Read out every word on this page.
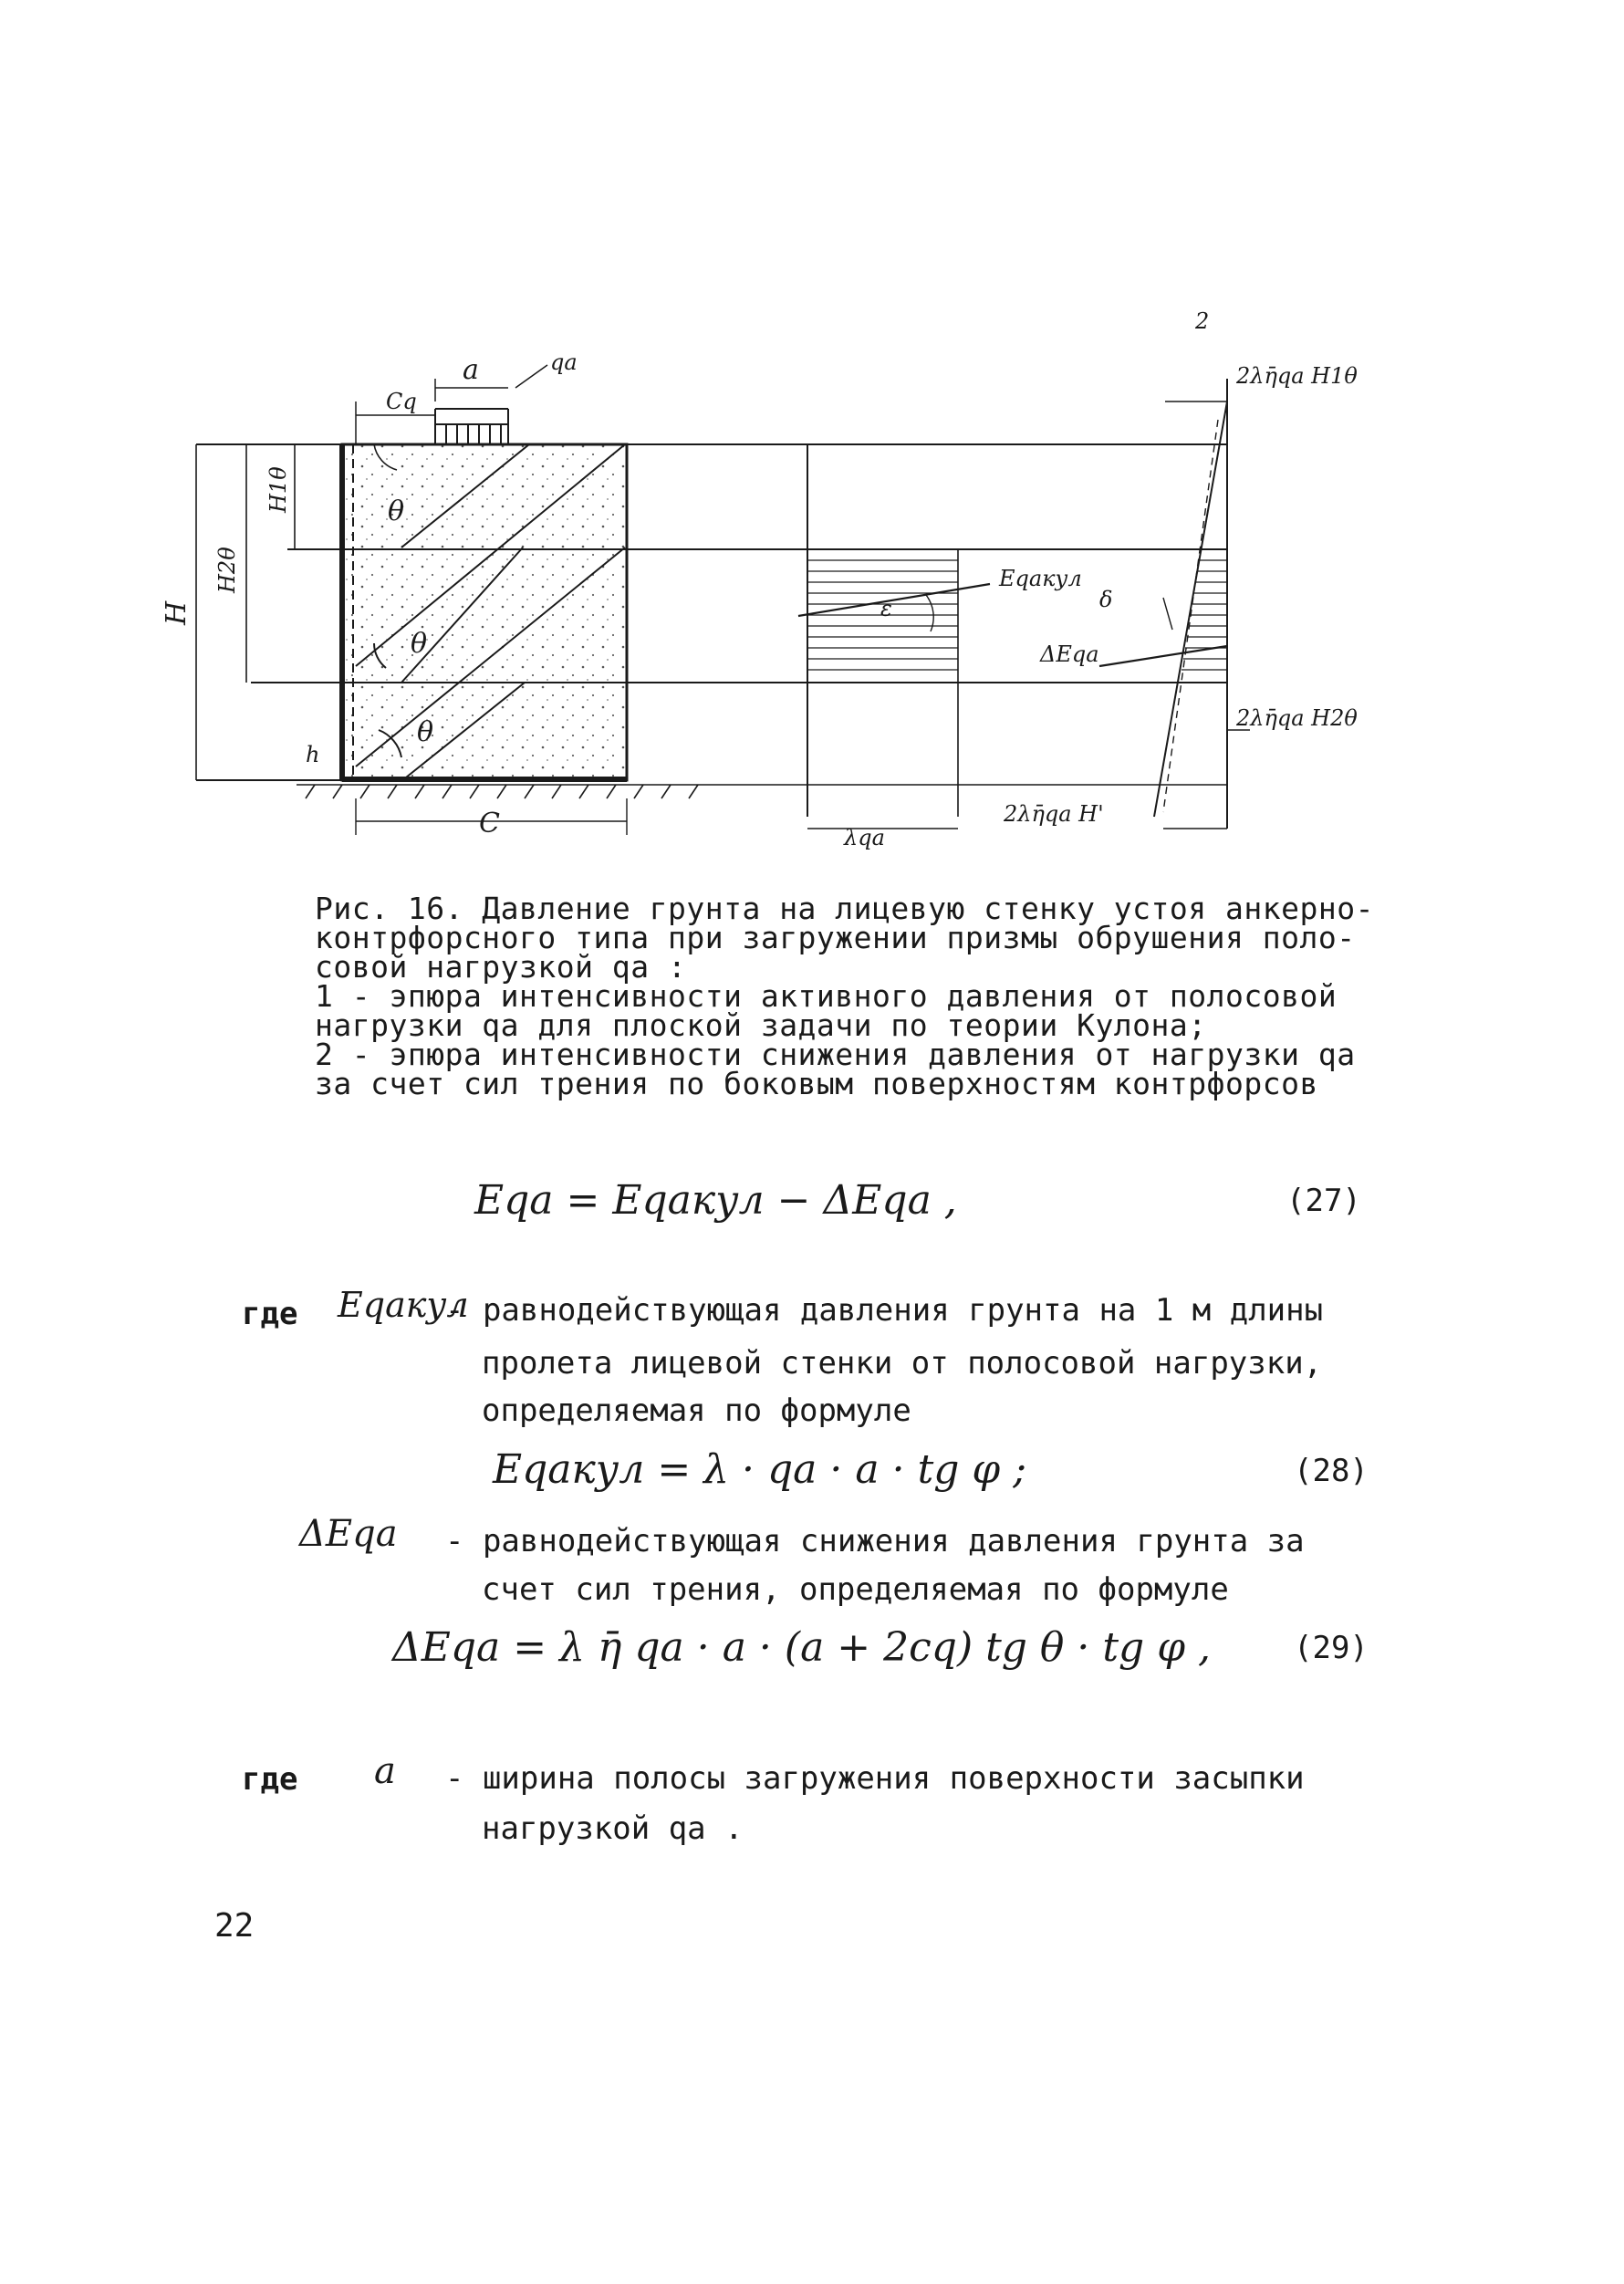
a	qa
Cq
θ
θ
θ
H
H2θ
H1θ
h
C
2
Eqaкул
ε	δ
ΔEqa
2λη̄qa H1θ
2λη̄qa H2θ
2λη̄qa H'
λqa
Рис. 16. Давление грунта на лицевую стенку устоя анкерно-
контрфорсного типа при загружении призмы обрушения поло-
совой нагрузкой qa :
1 - эпюра интенсивности активного давления от полосовой
нагрузки qa для плоской задачи по теории Кулона;
2 - эпюра интенсивности снижения давления от нагрузки qa
за счет сил трения по боковым поверхностям контрфорсов
Eqa = Eqaкул − ΔEqa ,	(27)
где Eqaкул
- равнодействующая давления грунта на 1 м длины
пролета лицевой стенки от полосовой нагрузки,
определяемая по формуле
Eqaкул = λ · qa · a · tg φ ;	(28)
ΔEqa - равнодействующая снижения давления грунта за
счет сил трения, определяемая по формуле
ΔEqa = λ η̄ qa · a · (a + 2cq) tg θ · tg φ ,	(29)
где a - ширина полосы загружения поверхности засыпки
нагрузкой qa .
22
